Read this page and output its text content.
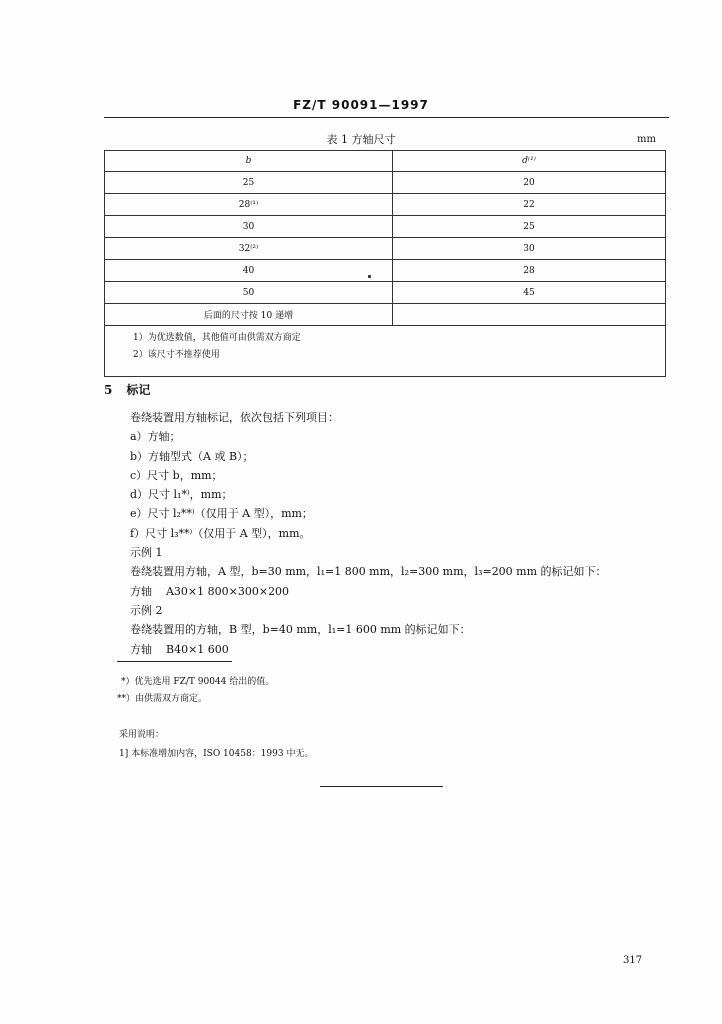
FZ/T 90091—1997
表 1 方轴尺寸	mm
b	d⁽¹⁾
25	20
28⁽¹⁾	22
30	25
32⁽²⁾	30
40	28
50	45
后面的尺寸按 10 递增	

1）为优选数值，其他值可由供需双方商定
2）该尺寸不推荐使用	
5 标记
卷绕装置用方轴标记，依次包括下列项目：
a）方轴；
b）方轴型式（A 或 B）；
c）尺寸 b，mm；
d）尺寸 l₁*⁾，mm；
e）尺寸 l₂**⁾（仅用于 A 型），mm；
f）尺寸 l₃**⁾（仅用于 A 型），mm。
示例 1
卷绕装置用方轴，A 型，b=30 mm，l₁=1 800 mm，l₂=300 mm，l₃=200 mm 的标记如下：
方轴    A30×1 800×300×200
示例 2
卷绕装置用的方轴，B 型，b=40 mm，l₁=1 600 mm 的标记如下：
方轴    B40×1 600
*）优先选用 FZ/T 90044 给出的值。
**）由供需双方商定。
采用说明：
1] 本标准增加内容，ISO 10458：1993 中无。
317
